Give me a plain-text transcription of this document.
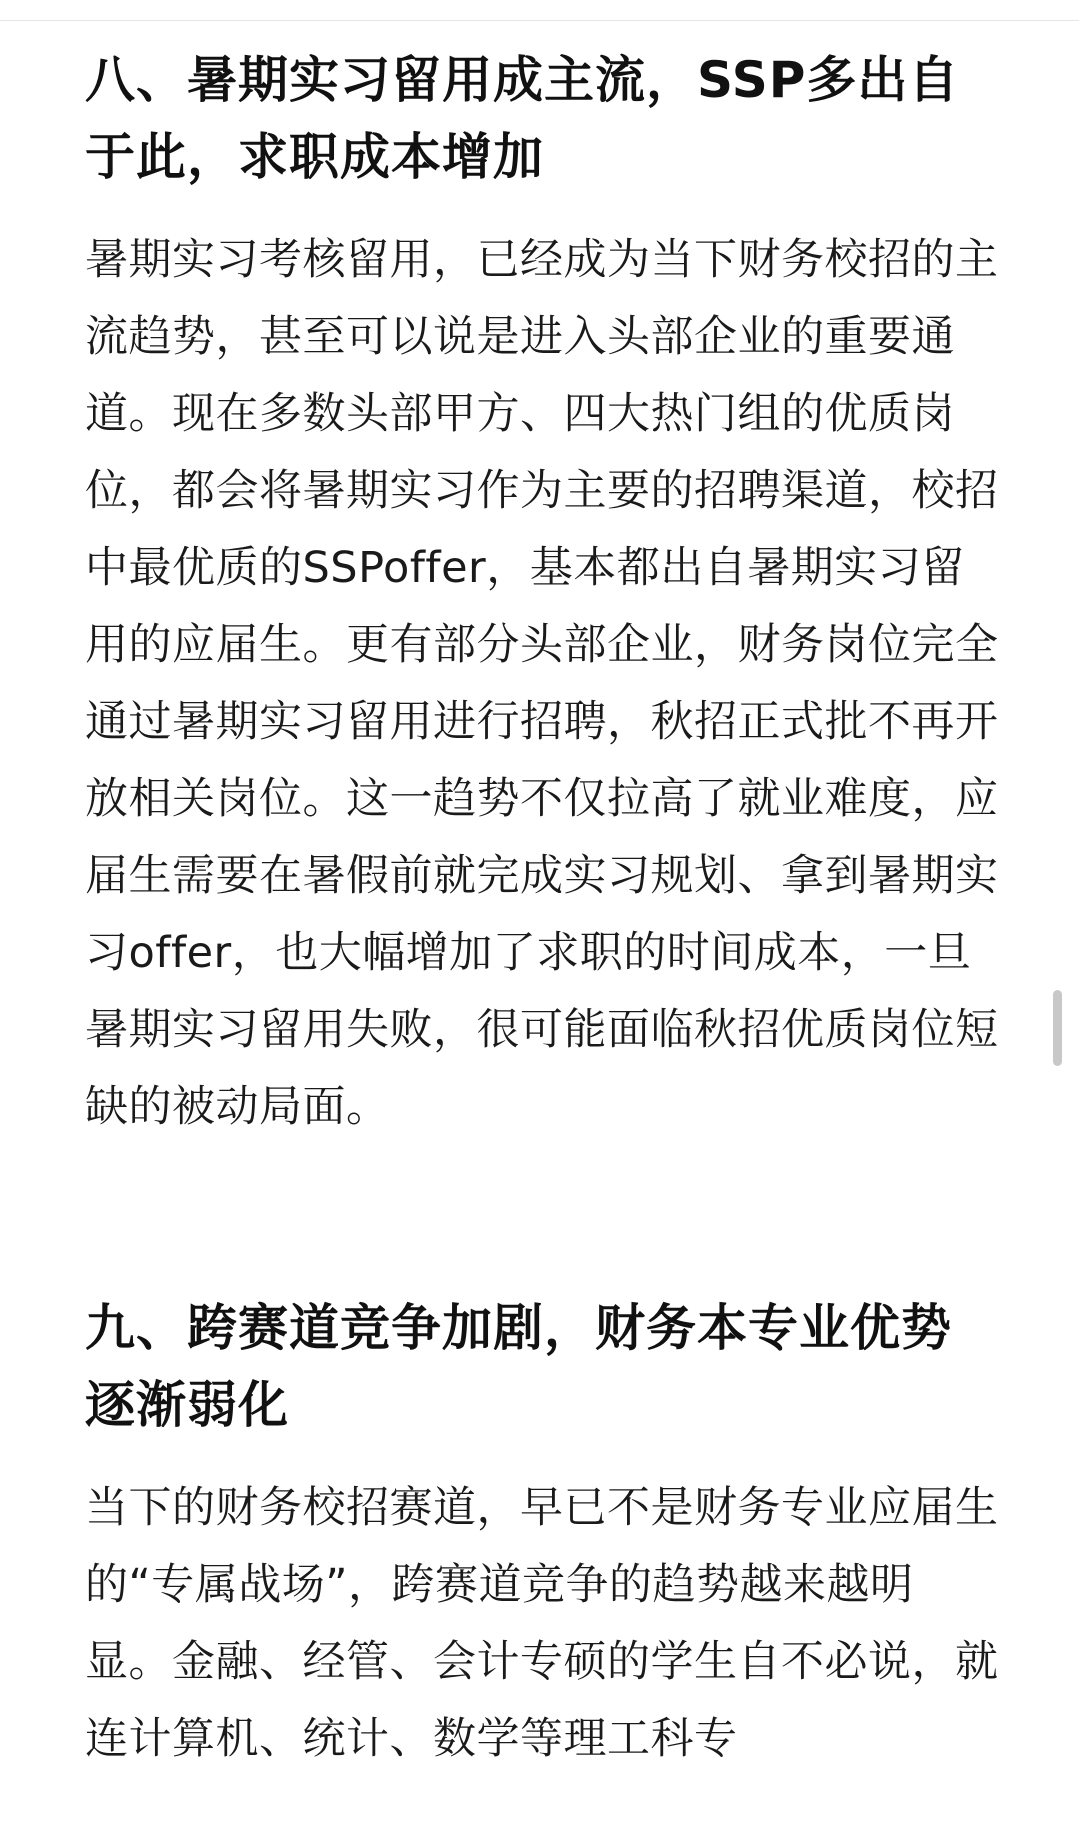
八、暑期实习留用成主流，SSP多出自于此，求职成本增加

暑期实习考核留用，已经成为当下财务校招的主流趋势，甚至可以说是进入头部企业的重要通道。现在多数头部甲方、四大热门组的优质岗位，都会将暑期实习作为主要的招聘渠道，校招中最优质的SSPoffer，基本都出自暑期实习留用的应届生。更有部分头部企业，财务岗位完全通过暑期实习留用进行招聘，秋招正式批不再开放相关岗位。这一趋势不仅拉高了就业难度，应届生需要在暑假前就完成实习规划、拿到暑期实习offer，也大幅增加了求职的时间成本，一旦暑期实习留用失败，很可能面临秋招优质岗位短缺的被动局面。

九、跨赛道竞争加剧，财务本专业优势逐渐弱化

当下的财务校招赛道，早已不是财务专业应届生的“专属战场”，跨赛道竞争的趋势越来越明显。金融、经管、会计专硕的学生自不必说，就连计算机、统计、数学等理工科专
